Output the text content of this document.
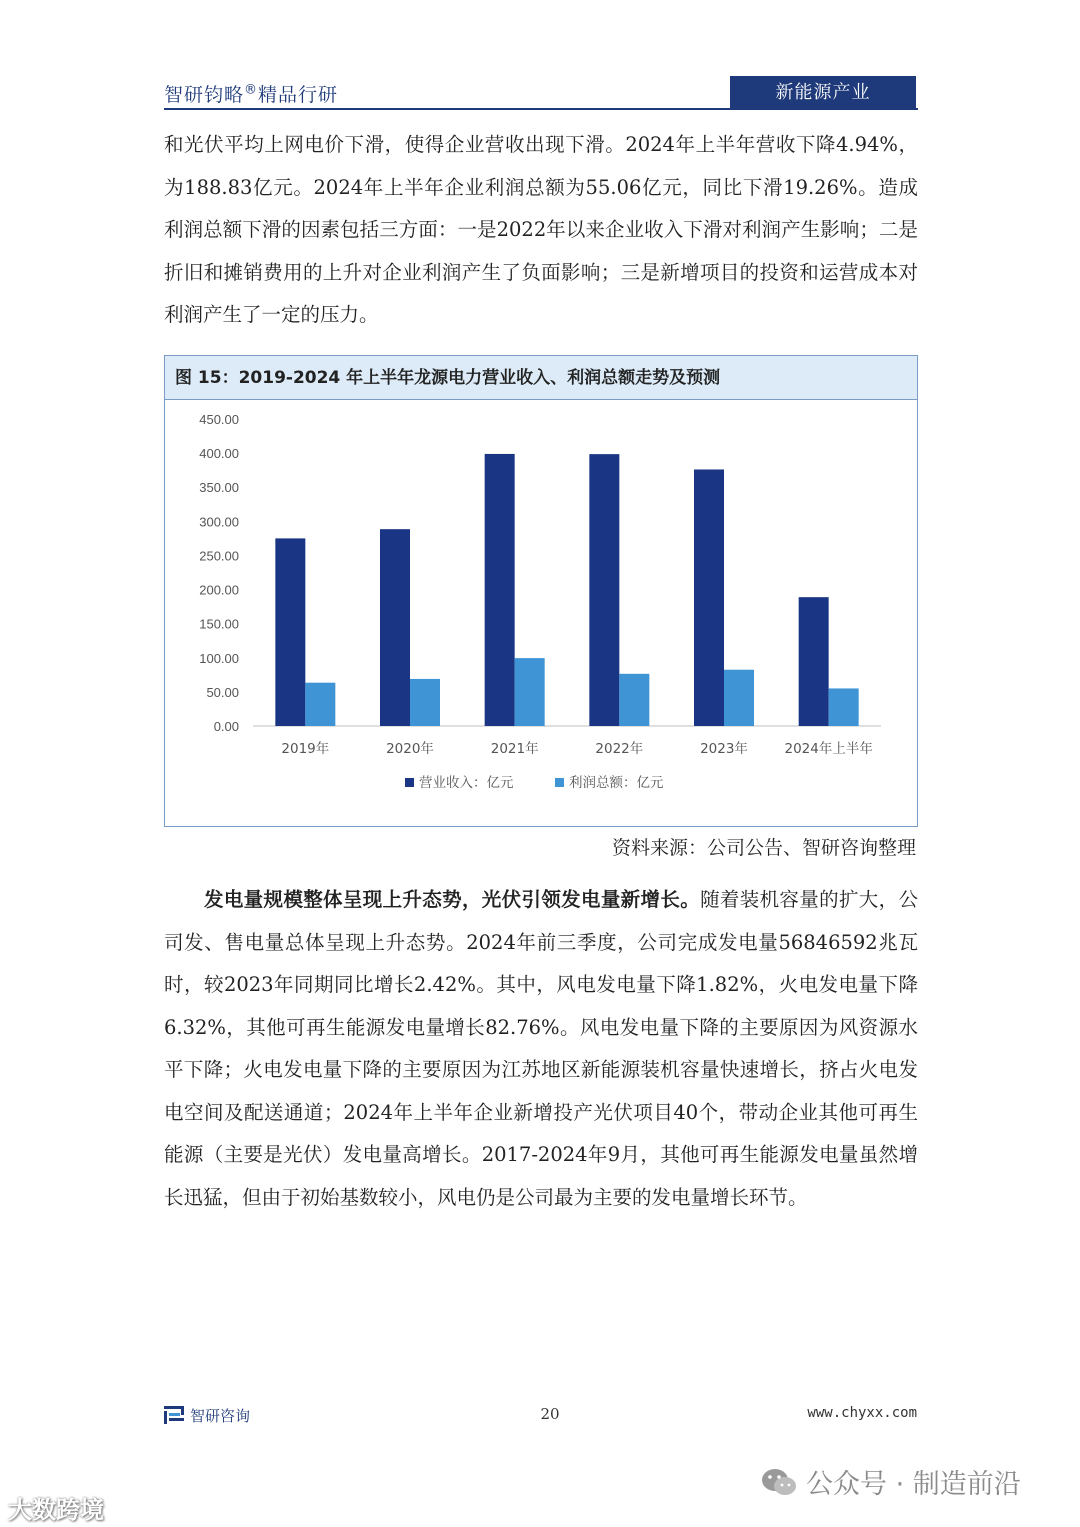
智研钧略®精品行研	新能源产业

和光伏平均上网电价下滑，使得企业营收出现下滑。2024年上半年营收下降4.94%，为188.83亿元。2024年上半年企业利润总额为55.06亿元，同比下滑19.26%。造成利润总额下滑的因素包括三方面：一是2022年以来企业收入下滑对利润产生影响；二是折旧和摊销费用的上升对企业利润产生了负面影响；三是新增项目的投资和运营成本对利润产生了一定的压力。

0.00
50.00
100.00
150.00
200.00
250.00
300.00
350.00
400.00
450.00
2019年	2020年	2021年	2022年	2023年	2024年上半年
营业收入：亿元	利润总额：亿元
图 15：2019-2024 年上半年龙源电力营业收入、利润总额走势及预测
资料来源：公司公告、智研咨询整理

发电量规模整体呈现上升态势，光伏引领发电量新增长。随着装机容量的扩大，公司发、售电量总体呈现上升态势。2024年前三季度，公司完成发电量56846592兆瓦时，较2023年同期同比增长2.42%。其中，风电发电量下降1.82%，火电发电量下降6.32%，其他可再生能源发电量增长82.76%。风电发电量下降的主要原因为风资源水平下降；火电发电量下降的主要原因为江苏地区新能源装机容量快速增长，挤占火电发电空间及配送通道；2024年上半年企业新增投产光伏项目40个，带动企业其他可再生能源（主要是光伏）发电量高增长。2017-2024年9月，其他可再生能源发电量虽然增长迅猛，但由于初始基数较小，风电仍是公司最为主要的发电量增长环节。

智研咨询	20	www.chyxx.com
公众号 · 制造前沿
大数跨境
